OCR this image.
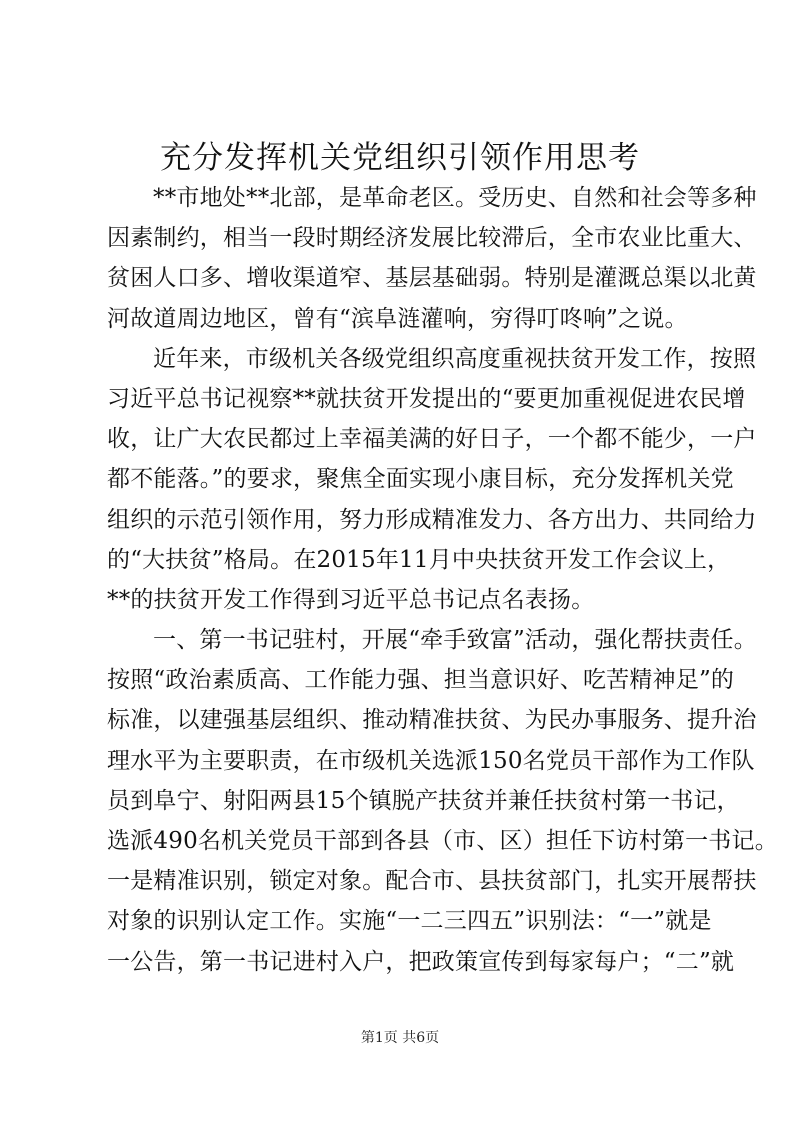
充分发挥机关党组织引领作用思考
**市地处**北部，是革命老区。受历史、自然和社会等多种
因素制约，相当一段时期经济发展比较滞后，全市农业比重大、
贫困人口多、增收渠道窄、基层基础弱。特别是灌溉总渠以北黄
河故道周边地区，曾有“滨阜涟灌响，穷得叮咚响”之说。
近年来，市级机关各级党组织高度重视扶贫开发工作，按照
习近平总书记视察**就扶贫开发提出的“要更加重视促进农民增
收，让广大农民都过上幸福美满的好日子，一个都不能少，一户
都不能落。”的要求，聚焦全面实现小康目标，充分发挥机关党
组织的示范引领作用，努力形成精准发力、各方出力、共同给力
的“大扶贫”格局。在2015年11月中央扶贫开发工作会议上，
**的扶贫开发工作得到习近平总书记点名表扬。
一、第一书记驻村，开展“牵手致富”活动，强化帮扶责任。
按照“政治素质高、工作能力强、担当意识好、吃苦精神足”的
标准，以建强基层组织、推动精准扶贫、为民办事服务、提升治
理水平为主要职责，在市级机关选派150名党员干部作为工作队
员到阜宁、射阳两县15个镇脱产扶贫并兼任扶贫村第一书记，
选派490名机关党员干部到各县（市、区）担任下访村第一书记。
一是精准识别，锁定对象。配合市、县扶贫部门，扎实开展帮扶
对象的识别认定工作。实施“一二三四五”识别法：“一”就是
一公告，第一书记进村入户，把政策宣传到每家每户；“二”就
第1页 共6页
